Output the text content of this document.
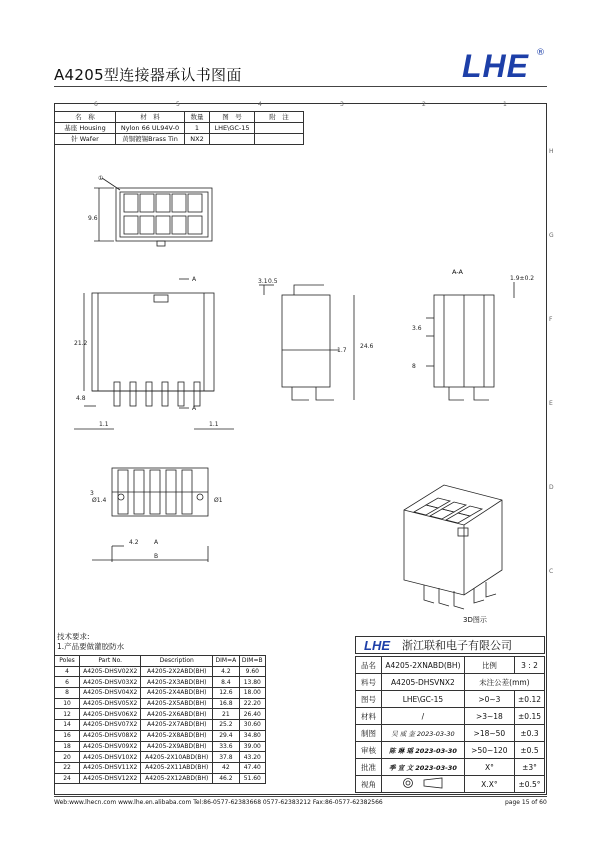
A4205型连接器承认书图面	LHE ®
6	5	4	3	2	1
H
G
F
E
D
C
名　称	材　料	数量	图　号	附　注
基座 Housing	Nylon 66 UL94V-0	1	LHE\GC-15	
针 Wafer	黄铜镀锡Brass Tin	NX2		
①
9.6
21.2
4.8
1.1	1.1
A
A
3.1 0.5
1.7
24.6
A-A
1.9±0.2
3.6
8
3
Ø1.4	Ø1
4.2	A
B
3D图示
技术要求:
1.产品要做灌胶防水
Poles	Part No.	Description	DIM=A	DIM=B
4	A4205-DHSV02X2	A4205-2X2ABD(BH)	4.2	9.60
6	A4205-DHSV03X2	A4205-2X3ABD(BH)	8.4	13.80
8	A4205-DHSV04X2	A4205-2X4ABD(BH)	12.6	18.00
10	A4205-DHSV05X2	A4205-2X5ABD(BH)	16.8	22.20
12	A4205-DHSV06X2	A4205-2X6ABD(BH)	21	26.40
14	A4205-DHSV07X2	A4205-2X7ABD(BH)	25.2	30.60
16	A4205-DHSV08X2	A4205-2X8ABD(BH)	29.4	34.80
18	A4205-DHSV09X2	A4205-2X9ABD(BH)	33.6	39.00
20	A4205-DHSV10X2	A4205-2X10ABD(BH)	37.8	43.20
22	A4205-DHSV11X2	A4205-2X11ABD(BH)	42	47.40
24	A4205-DHSV12X2	A4205-2X12ABD(BH)	46.2	51.60
LHE 浙江联和电子有限公司
品名	A4205-2XNABD(BH)	比例	3 : 2
料号	A4205-DHSVNX2	未注公差(mm)	
图号	LHE\GC-15	>0~3	±0.12
材料	/	>3~18	±0.15
制图	吴 威 奎 2023-03-30	>18~50	±0.3
审核	陈 琳 瑶 2023-03-30	>50~120	±0.5
批准	季 宣 文 2023-03-30	X°	±3°
视角		X.X°	±0.5°
Web:www.lhecn.com www.lhe.en.alibaba.com Tel:86-0577-62383668 0577-62383212 Fax:86-0577-62382566	page 15 of 60
